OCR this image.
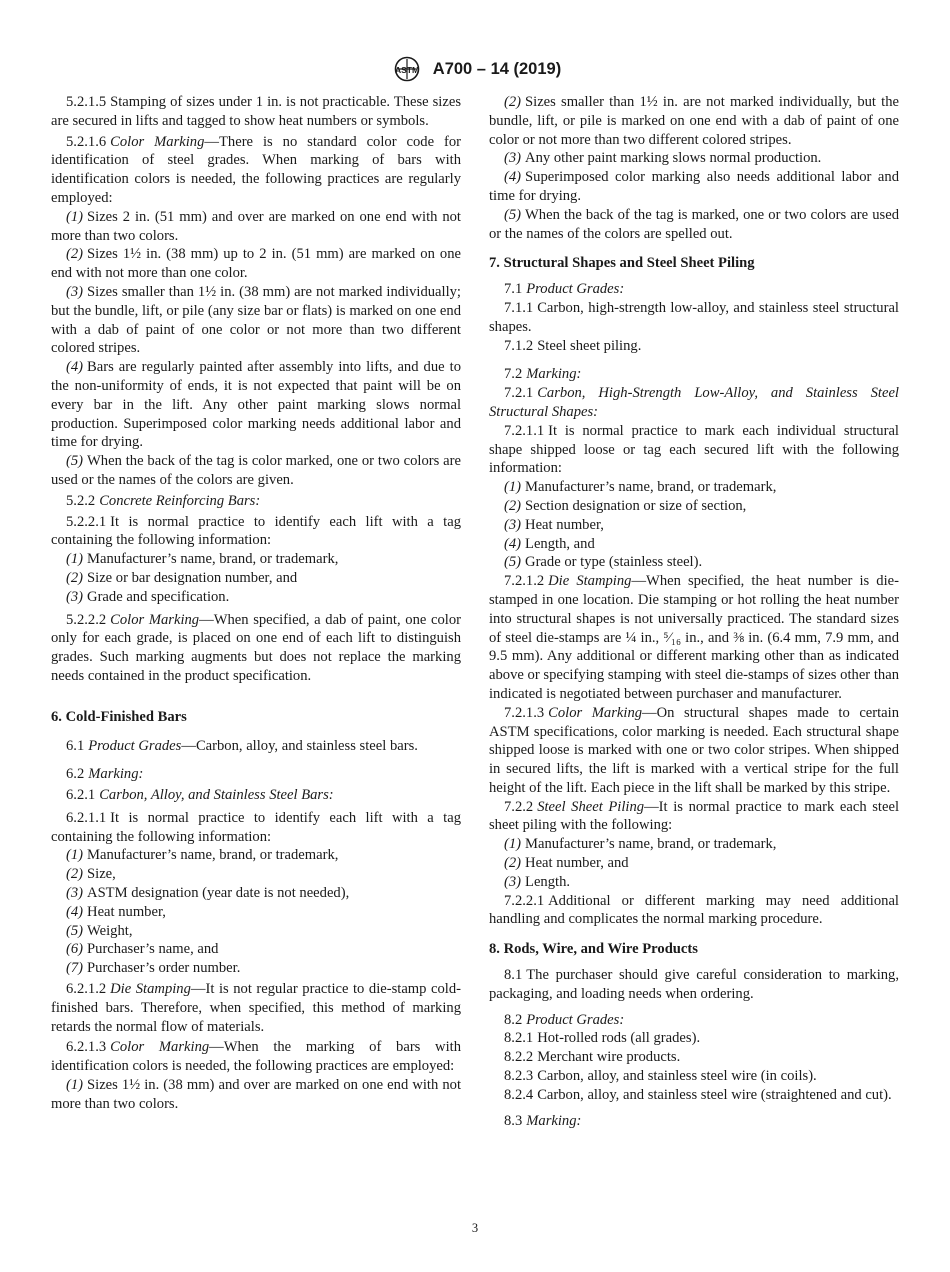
ASTM A700 – 14 (2019)

5.2.1.5 Stamping of sizes under 1 in. is not practicable. These sizes are secured in lifts and tagged to show heat numbers or symbols.

5.2.1.6 Color Marking—There is no standard color code for identification of steel grades. When marking of bars with identification colors is needed, the following practices are regularly employed:

(1) Sizes 2 in. (51 mm) and over are marked on one end with not more than two colors.

(2) Sizes 1½ in. (38 mm) up to 2 in. (51 mm) are marked on one end with not more than one color.

(3) Sizes smaller than 1½ in. (38 mm) are not marked individually; but the bundle, lift, or pile (any size bar or flats) is marked on one end with a dab of paint of one color or not more than two different colored stripes.

(4) Bars are regularly painted after assembly into lifts, and due to the non-uniformity of ends, it is not expected that paint will be on every bar in the lift. Any other paint marking slows normal production. Superimposed color marking needs additional labor and time for drying.

(5) When the back of the tag is color marked, one or two colors are used or the names of the colors are given.

5.2.2 Concrete Reinforcing Bars:

5.2.2.1 It is normal practice to identify each lift with a tag containing the following information:

(1) Manufacturer’s name, brand, or trademark,

(2) Size or bar designation number, and

(3) Grade and specification.

5.2.2.2 Color Marking—When specified, a dab of paint, one color only for each grade, is placed on one end of each lift to distinguish grades. Such marking augments but does not replace the marking needs contained in the product specification.

6. Cold-Finished Bars

6.1 Product Grades—Carbon, alloy, and stainless steel bars.

6.2 Marking:

6.2.1 Carbon, Alloy, and Stainless Steel Bars:

6.2.1.1 It is normal practice to identify each lift with a tag containing the following information:

(1) Manufacturer’s name, brand, or trademark,

(2) Size,

(3) ASTM designation (year date is not needed),

(4) Heat number,

(5) Weight,

(6) Purchaser’s name, and

(7) Purchaser’s order number.

6.2.1.2 Die Stamping—It is not regular practice to die-stamp cold-finished bars. Therefore, when specified, this method of marking retards the normal flow of materials.

6.2.1.3 Color Marking—When the marking of bars with identification colors is needed, the following practices are employed:

(1) Sizes 1½ in. (38 mm) and over are marked on one end with not more than two colors.

(2) Sizes smaller than 1½ in. are not marked individually, but the bundle, lift, or pile is marked on one end with a dab of paint of one color or not more than two different colored stripes.

(3) Any other paint marking slows normal production.

(4) Superimposed color marking also needs additional labor and time for drying.

(5) When the back of the tag is marked, one or two colors are used or the names of the colors are spelled out.

7. Structural Shapes and Steel Sheet Piling

7.1 Product Grades:

7.1.1 Carbon, high-strength low-alloy, and stainless steel structural shapes.

7.1.2 Steel sheet piling.

7.2 Marking:

7.2.1 Carbon, High-Strength Low-Alloy, and Stainless Steel Structural Shapes:

7.2.1.1 It is normal practice to mark each individual structural shape shipped loose or tag each secured lift with the following information:

(1) Manufacturer’s name, brand, or trademark,

(2) Section designation or size of section,

(3) Heat number,

(4) Length, and

(5) Grade or type (stainless steel).

7.2.1.2 Die Stamping—When specified, the heat number is die-stamped in one location. Die stamping or hot rolling the heat number into structural shapes is not universally practiced. The standard sizes of steel die-stamps are ¼ in., ⁵⁄₁₆ in., and ⅜ in. (6.4 mm, 7.9 mm, and 9.5 mm). Any additional or different marking other than as indicated above or specifying stamping with steel die-stamps of sizes other than indicated is negotiated between purchaser and manufacturer.

7.2.1.3 Color Marking—On structural shapes made to certain ASTM specifications, color marking is needed. Each structural shape shipped loose is marked with one or two color stripes. When shipped in secured lifts, the lift is marked with a vertical stripe for the full height of the lift. Each piece in the lift shall be marked by this stripe.

7.2.2 Steel Sheet Piling—It is normal practice to mark each steel sheet piling with the following:

(1) Manufacturer’s name, brand, or trademark,

(2) Heat number, and

(3) Length.

7.2.2.1 Additional or different marking may need additional handling and complicates the normal marking procedure.

8. Rods, Wire, and Wire Products

8.1 The purchaser should give careful consideration to marking, packaging, and loading needs when ordering.

8.2 Product Grades:

8.2.1 Hot-rolled rods (all grades).

8.2.2 Merchant wire products.

8.2.3 Carbon, alloy, and stainless steel wire (in coils).

8.2.4 Carbon, alloy, and stainless steel wire (straightened and cut).

8.3 Marking:

3
